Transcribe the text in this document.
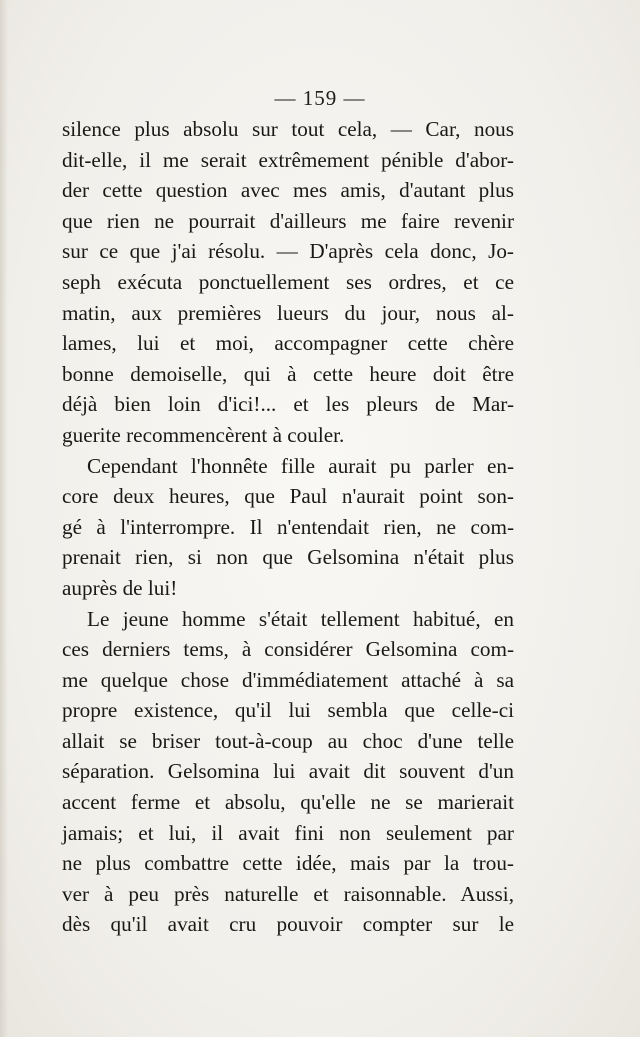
— 159 —
silence plus absolu sur tout cela, — Car, nous
dit-elle, il me serait extrêmement pénible d'abor-
der cette question avec mes amis, d'autant plus
que rien ne pourrait d'ailleurs me faire revenir
sur ce que j'ai résolu. — D'après cela donc, Jo-
seph exécuta ponctuellement ses ordres, et ce
matin, aux premières lueurs du jour, nous al-
lames, lui et moi, accompagner cette chère
bonne demoiselle, qui à cette heure doit être
déjà bien loin d'ici!... et les pleurs de Mar-
guerite recommencèrent à couler.
Cependant l'honnête fille aurait pu parler en-
core deux heures, que Paul n'aurait point son-
gé à l'interrompre. Il n'entendait rien, ne com-
prenait rien, si non que Gelsomina n'était plus
auprès de lui!
Le jeune homme s'était tellement habitué, en
ces derniers tems, à considérer Gelsomina com-
me quelque chose d'immédiatement attaché à sa
propre existence, qu'il lui sembla que celle-ci
allait se briser tout-à-coup au choc d'une telle
séparation. Gelsomina lui avait dit souvent d'un
accent ferme et absolu, qu'elle ne se marierait
jamais; et lui, il avait fini non seulement par
ne plus combattre cette idée, mais par la trou-
ver à peu près naturelle et raisonnable. Aussi,
dès qu'il avait cru pouvoir compter sur le
